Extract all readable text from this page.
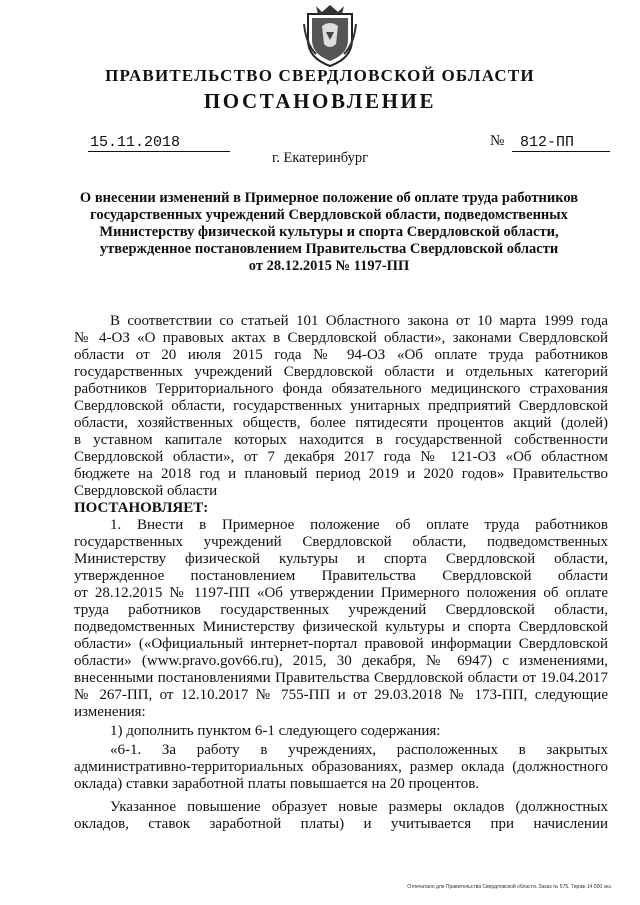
ПРАВИТЕЛЬСТВО СВЕРДЛОВСКОЙ ОБЛАСТИ
ПОСТАНОВЛЕНИЕ
15.11.2018	№	812-ПП
г. Екатеринбург
О внесении изменений в Примерное положение об оплате труда работников
государственных учреждений Свердловской области, подведомственных
Министерству физической культуры и спорта Свердловской области,
утвержденное постановлением Правительства Свердловской области
от 28.12.2015 № 1197-ПП
В соответствии со статьей 101 Областного закона от 10 марта 1999 года
№ 4-ОЗ «О правовых актах в Свердловской области», законами Свердловской
области от 20 июля 2015 года № 94-ОЗ «Об оплате труда работников
государственных учреждений Свердловской области и отдельных категорий
работников Территориального фонда обязательного медицинского страхования
Свердловской области, государственных унитарных предприятий Свердловской
области, хозяйственных обществ, более пятидесяти процентов акций (долей)
в уставном капитале которых находится в государственной собственности
Свердловской области», от 7 декабря 2017 года № 121-ОЗ «Об областном
бюджете на 2018 год и плановый период 2019 и 2020 годов» Правительство
Свердловской области
ПОСТАНОВЛЯЕТ:
1. Внести в Примерное положение об оплате труда работников
государственных учреждений Свердловской области, подведомственных
Министерству физической культуры и спорта Свердловской области,
утвержденное постановлением Правительства Свердловской области
от 28.12.2015 № 1197-ПП «Об утверждении Примерного положения об оплате
труда работников государственных учреждений Свердловской области,
подведомственных Министерству физической культуры и спорта Свердловской
области» («Официальный интернет-портал правовой информации Свердловской
области» (www.pravo.gov66.ru), 2015, 30 декабря, № 6947) с изменениями,
внесенными постановлениями Правительства Свердловской области от 19.04.2017
№ 267-ПП, от 12.10.2017 № 755-ПП и от 29.03.2018 № 173-ПП, следующие
изменения:
1) дополнить пунктом 6-1 следующего содержания:
«6-1. За работу в учреждениях, расположенных в закрытых
административно-территориальных образованиях, размер оклада (должностного
оклада) ставки заработной платы повышается на 20 процентов.
Указанное повышение образует новые размеры окладов (должностных
окладов, ставок заработной платы) и учитывается при начислении
Отпечатано для Правительства Свердловской области. Заказ № 575. Тираж 14 000 экз.
